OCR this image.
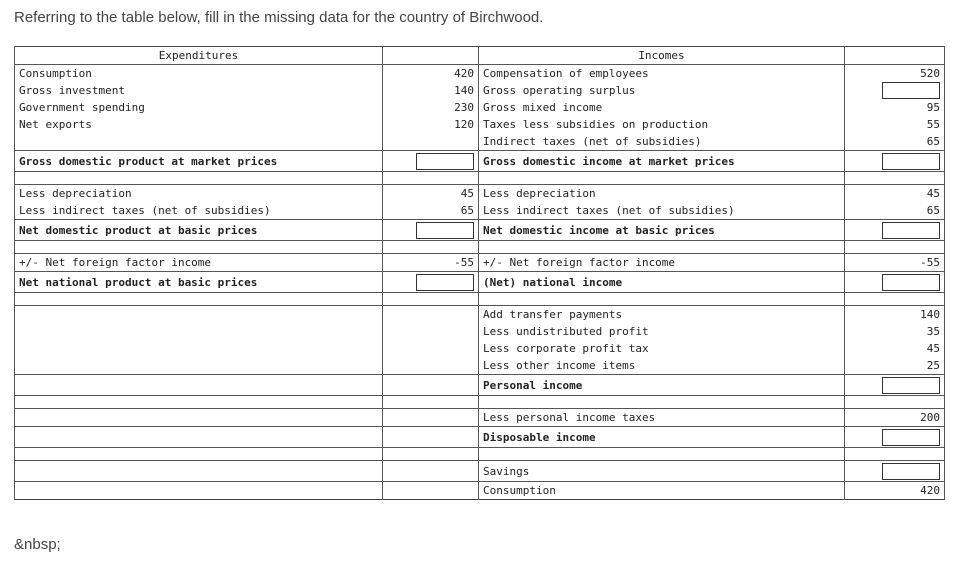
Referring to the table below, fill in the missing data for the country of Birchwood.
Expenditures		Incomes	
Consumption	420	Compensation of employees	520
Gross investment	140	Gross operating surplus	

Government spending	230	Gross mixed income	95
Net exports	120	Taxes less subsidies on production	55
		Indirect taxes (net of subsidies)	65
Gross domestic product at market prices		Gross domestic income at market prices	

Less depreciation	45	Less depreciation	45
Less indirect taxes (net of subsidies)	65	Less indirect taxes (net of subsidies)	65
Net domestic product at basic prices		Net domestic income at basic prices	

+/- Net foreign factor income	-55	+/- Net foreign factor income	-55
Net national product at basic prices		(Net) national income	

		Add transfer payments	140
		Less undistributed profit	35
		Less corporate profit tax	45
		Less other income items	25
		Personal income	

		Less personal income taxes	200
		Disposable income	

		Savings	

		Consumption	420
&nbsp;
